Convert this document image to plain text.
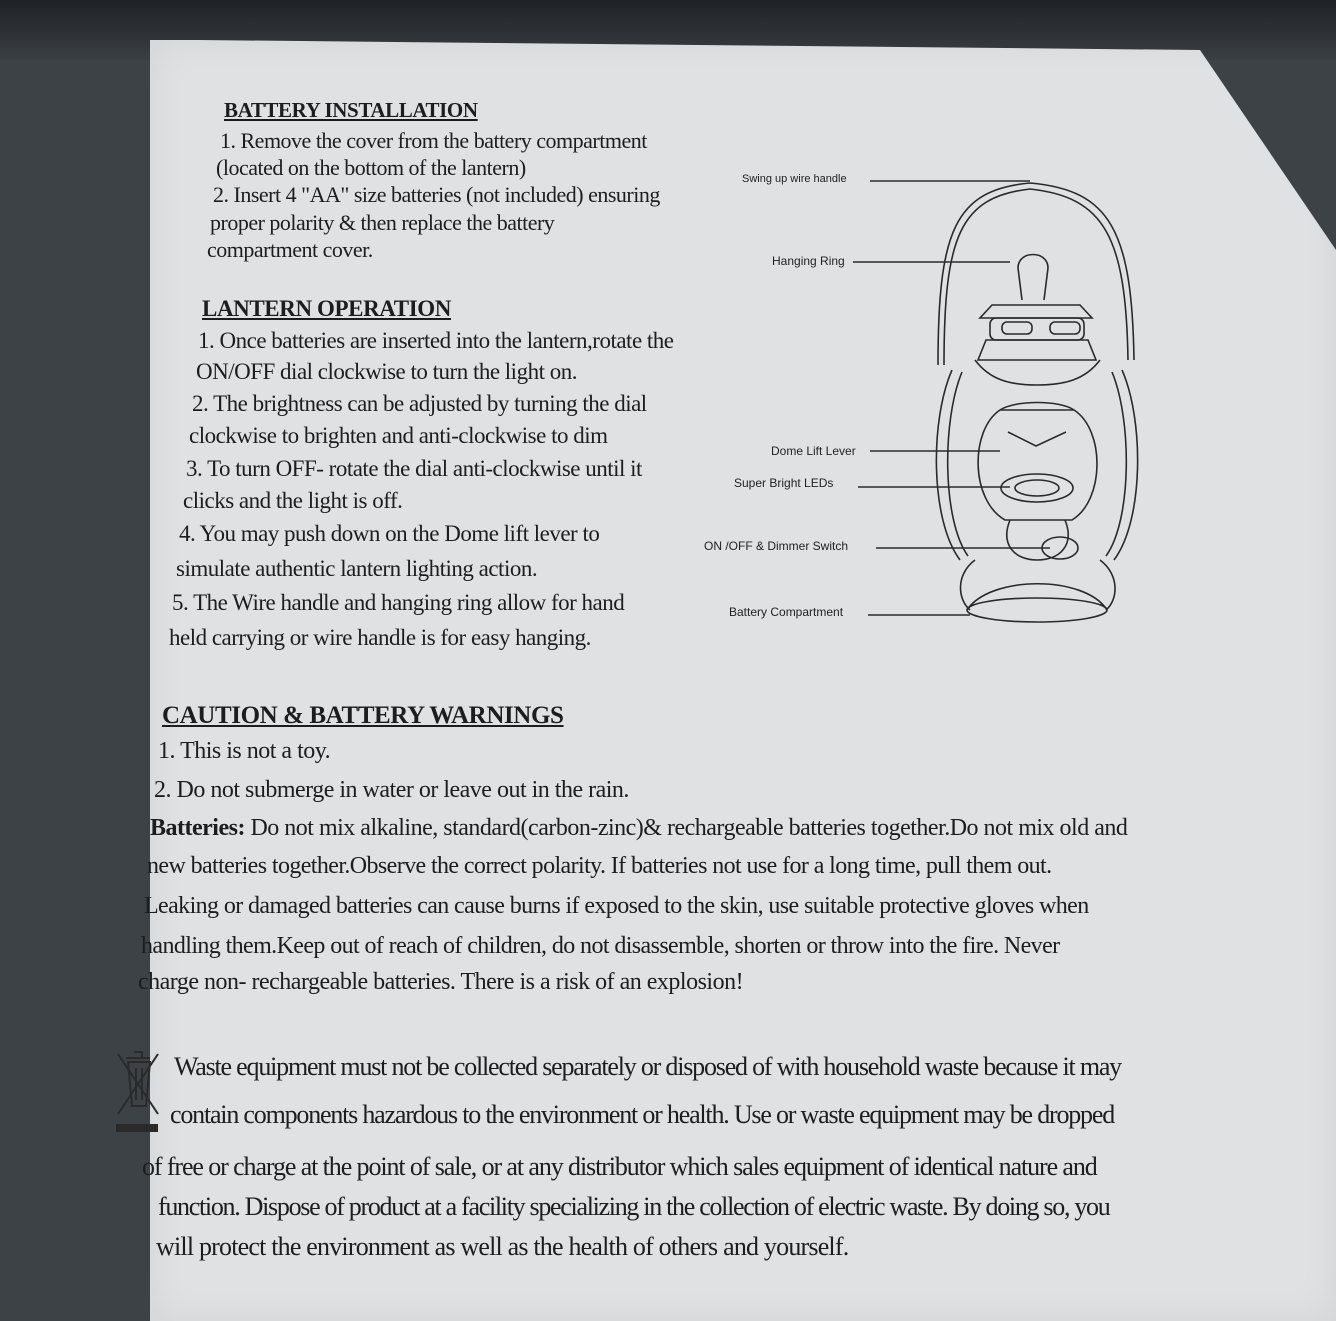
BATTERY INSTALLATION
1. Remove the cover from the battery compartment
(located on the bottom of the lantern)
2. Insert 4 "AA" size batteries (not included) ensuring
proper polarity & then replace the battery
compartment cover.
LANTERN OPERATION
1. Once batteries are inserted into the lantern,rotate the
ON/OFF dial clockwise to turn the light on.
2. The brightness can be adjusted by turning the dial
clockwise to brighten and anti-clockwise to dim
3. To turn OFF- rotate the dial anti-clockwise until it
clicks and the light is off.
4. You may push down on the Dome lift lever to
simulate authentic lantern lighting action.
5. The Wire handle and hanging ring allow for hand
held carrying or wire handle is for easy hanging.
Swing up wire handle
Hanging Ring
Dome Lift Lever
Super Bright LEDs
ON /OFF & Dimmer Switch
Battery Compartment
CAUTION & BATTERY WARNINGS
1. This is not a toy.
2. Do not submerge in water or leave out in the rain.
Batteries: Do not mix alkaline, standard(carbon-zinc)& rechargeable batteries together.Do not mix old and
new batteries together.Observe the correct polarity. If batteries not use for a long time, pull them out.
Leaking or damaged batteries can cause burns if exposed to the skin, use suitable protective gloves when
handling them.Keep out of reach of children, do not disassemble, shorten or throw into the fire. Never
charge non- rechargeable batteries. There is a risk of an explosion!
Waste equipment must not be collected separately or disposed of with household waste because it may
contain components hazardous to the environment or health. Use or waste equipment may be dropped
of free or charge at the point of sale, or at any distributor which sales equipment of identical nature and
function. Dispose of product at a facility specializing in the collection of electric waste. By doing so, you
will protect the environment as well as the health of others and yourself.
